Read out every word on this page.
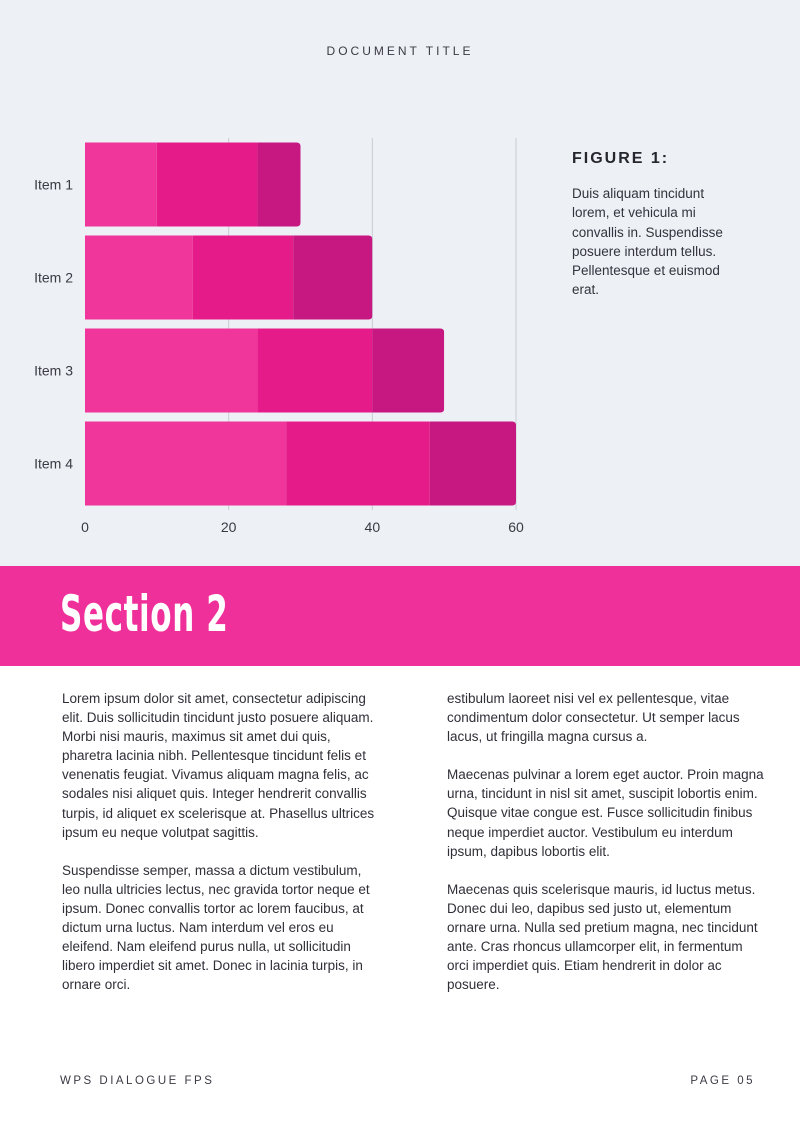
DOCUMENT TITLE
Item 1
Item 2
Item 3
Item 4
0	20	40	60
FIGURE 1:
Duis aliquam tincidunt lorem, et vehicula mi convallis in. Suspendisse posuere interdum tellus. Pellentesque et euismod erat.
Section 2

Lorem ipsum dolor sit amet, consectetur adipiscing elit. Duis sollicitudin tincidunt justo posuere aliquam. Morbi nisi mauris, maximus sit amet dui quis, pharetra lacinia nibh. Pellentesque tincidunt felis et venenatis feugiat. Vivamus aliquam magna felis, ac sodales nisi aliquet quis. Integer hendrerit convallis turpis, id aliquet ex scelerisque at. Phasellus ultrices ipsum eu neque volutpat sagittis.

Suspendisse semper, massa a dictum vestibulum, leo nulla ultricies lectus, nec gravida tortor neque et ipsum. Donec convallis tortor ac lorem faucibus, at dictum urna luctus. Nam interdum vel eros eu eleifend. Nam eleifend purus nulla, ut sollicitudin libero imperdiet sit amet. Donec in lacinia turpis, in ornare orci.

estibulum laoreet nisi vel ex pellentesque, vitae condimentum dolor consectetur. Ut semper lacus lacus, ut fringilla magna cursus a.

Maecenas pulvinar a lorem eget auctor. Proin magna urna, tincidunt in nisl sit amet, suscipit lobortis enim. Quisque vitae congue est. Fusce sollicitudin finibus neque imperdiet auctor. Vestibulum eu interdum ipsum, dapibus lobortis elit.

Maecenas quis scelerisque mauris, id luctus metus. Donec dui leo, dapibus sed justo ut, elementum ornare urna. Nulla sed pretium magna, nec tincidunt ante. Cras rhoncus ullamcorper elit, in fermentum orci imperdiet quis. Etiam hendrerit in dolor ac posuere.

WPS DIALOGUE FPS	PAGE 05
